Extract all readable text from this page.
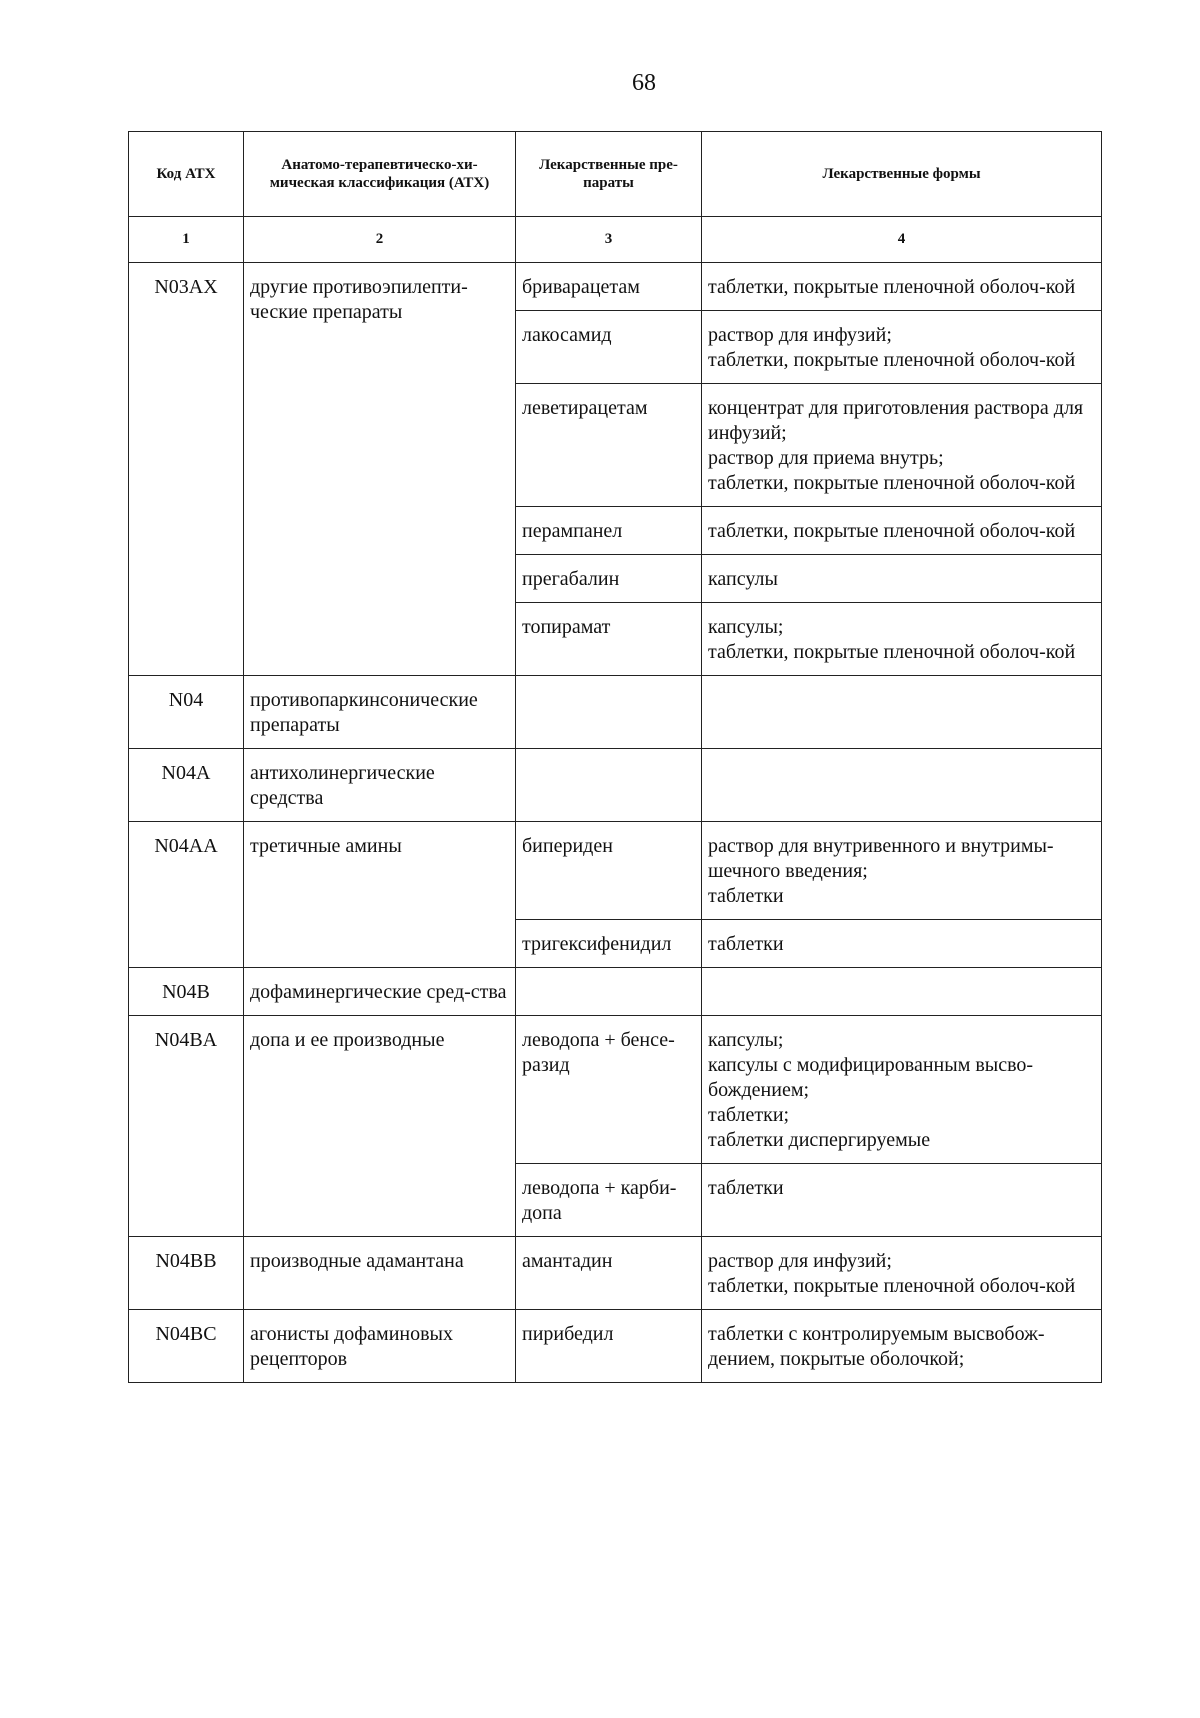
68
Код АТХ	Анатомо-терапевтическо-хи-мическая классификация (АТХ)	Лекарственные пре-параты	Лекарственные формы
1	2	3	4
N03AX	другие противоэпилепти-ческие препараты	бриварацетам	таблетки, покрытые пленочной оболоч-кой

		лакосамид	раствор для инфузий;
таблетки, покрытые пленочной оболоч-кой

		леветирацетам	концентрат для приготовления раствора для инфузий;
раствор для приема внутрь;
таблетки, покрытые пленочной оболоч-кой

		перампанел	таблетки, покрытые пленочной оболоч-кой

		прегабалин	капсулы

		топирамат	капсулы;
таблетки, покрытые пленочной оболоч-кой

N04	противопаркинсонические препараты		
N04A	антихолинергические средства		
N04AA	третичные амины	бипериден	раствор для внутривенного и внутримы-шечного введения;
таблетки

		тригексифенидил	таблетки

N04B	дофаминергические сред-ства		
N04BA	допа и ее производные	леводопа + бенсе-разид	капсулы;
капсулы с модифицированным высво-бождением;
таблетки;
таблетки диспергируемые

		леводопа + карби-допа	таблетки

N04BB	производные адамантана	амантадин	раствор для инфузий;
таблетки, покрытые пленочной оболоч-кой

N04BC	агонисты дофаминовых рецепторов	пирибедил	таблетки с контролируемым высвобож-дением, покрытые оболочкой;
